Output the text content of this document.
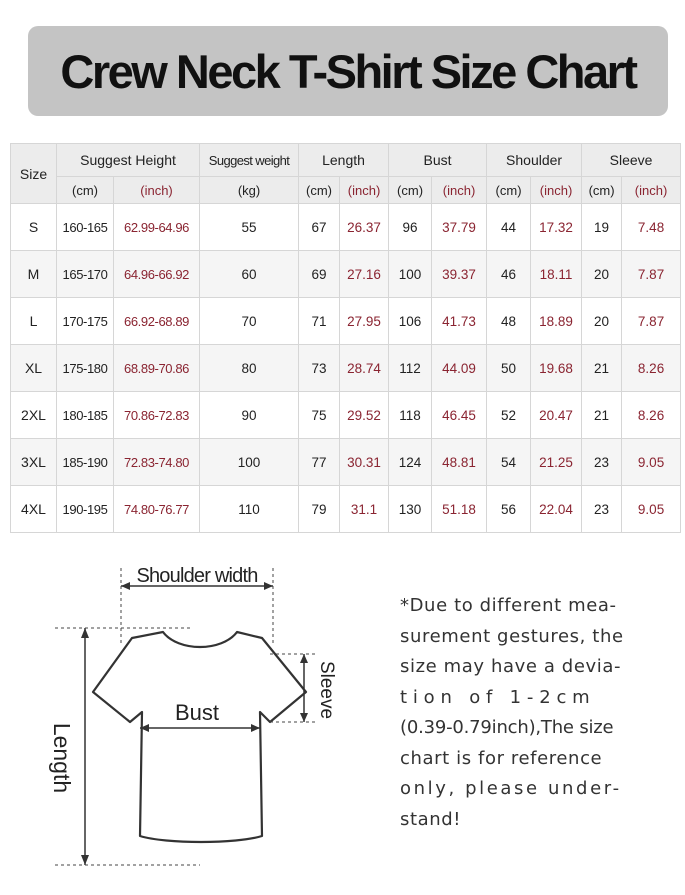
Crew Neck T-Shirt Size Chart
Size	Suggest Height		Suggest weight	Length		Bust		Shoulder		Sleeve	
	(cm)	(inch)	(kg)	(cm)	(inch)	(cm)	(inch)	(cm)	(inch)	(cm)	(inch)
S	160-165	62.99-64.96	55	67	26.37	96	37.79	44	17.32	19	7.48
M	165-170	64.96-66.92	60	69	27.16	100	39.37	46	18.11	20	7.87
L	170-175	66.92-68.89	70	71	27.95	106	41.73	48	18.89	20	7.87
XL	175-180	68.89-70.86	80	73	28.74	112	44.09	50	19.68	21	8.26
2XL	180-185	70.86-72.83	90	75	29.52	118	46.45	52	20.47	21	8.26
3XL	185-190	72.83-74.80	100	77	30.31	124	48.81	54	21.25	23	9.05
4XL	190-195	74.80-76.77	110	79	31.1	130	51.18	56	22.04	23	9.05
Shoulder width
Bust
Length
Sleeve
*Due to different mea-
surement gestures, the
size may have a devia-
tion of 1-2cm
(0.39-0.79inch),The size
chart is for reference
only, please under-
stand!
